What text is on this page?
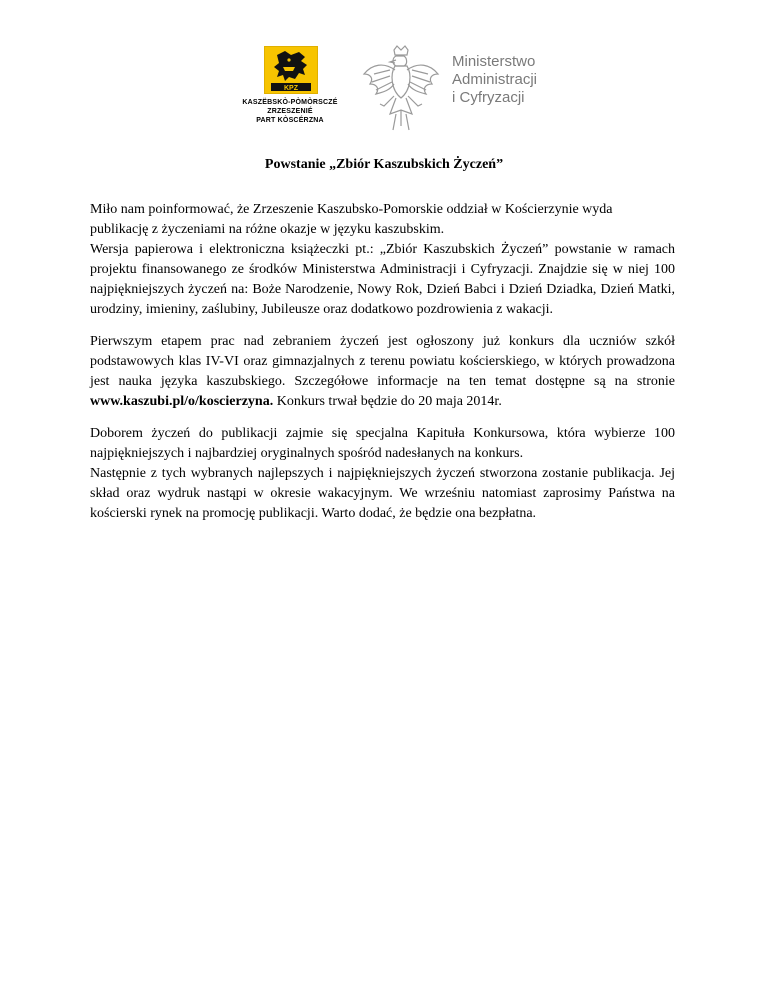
KPZ
KASZËBSKÒ-PÒMÒRSCZÉ
ZRZESZENIÉ
PART KÒSCÉRZNA
Ministerstwo
Administracji
i Cyfryzacji
Powstanie „Zbiór Kaszubskich Życzeń”

Miło nam poinformować, że Zrzeszenie Kaszubsko-Pomorskie oddział w Kościerzynie wyda
publikację z życzeniami na różne okazje w języku kaszubskim.
Wersja papierowa i elektroniczna książeczki pt.: „Zbiór Kaszubskich Życzeń” powstanie w ramach projektu finansowanego ze środków Ministerstwa Administracji i Cyfryzacji. Znajdzie się w niej 100 najpiękniejszych życzeń na: Boże Narodzenie, Nowy Rok, Dzień Babci i Dzień Dziadka, Dzień Matki, urodziny, imieniny, zaślubiny, Jubileusze oraz dodatkowo pozdrowienia z wakacji.

Pierwszym etapem prac nad zebraniem życzeń jest ogłoszony już konkurs dla uczniów szkół podstawowych klas IV-VI oraz gimnazjalnych z terenu powiatu kościerskiego, w których prowadzona jest nauka języka kaszubskiego. Szczegółowe informacje na ten temat dostępne są na stronie www.kaszubi.pl/o/koscierzyna. Konkurs trwał będzie do 20 maja 2014r.

Doborem życzeń do publikacji zajmie się specjalna Kapituła Konkursowa, która wybierze 100 najpiękniejszych i najbardziej oryginalnych spośród nadesłanych na konkurs.
Następnie z tych wybranych najlepszych i najpiękniejszych życzeń stworzona zostanie publikacja. Jej skład oraz wydruk nastąpi w okresie wakacyjnym. We wrześniu natomiast zaprosimy Państwa na kościerski rynek na promocję publikacji. Warto dodać, że będzie ona bezpłatna.
